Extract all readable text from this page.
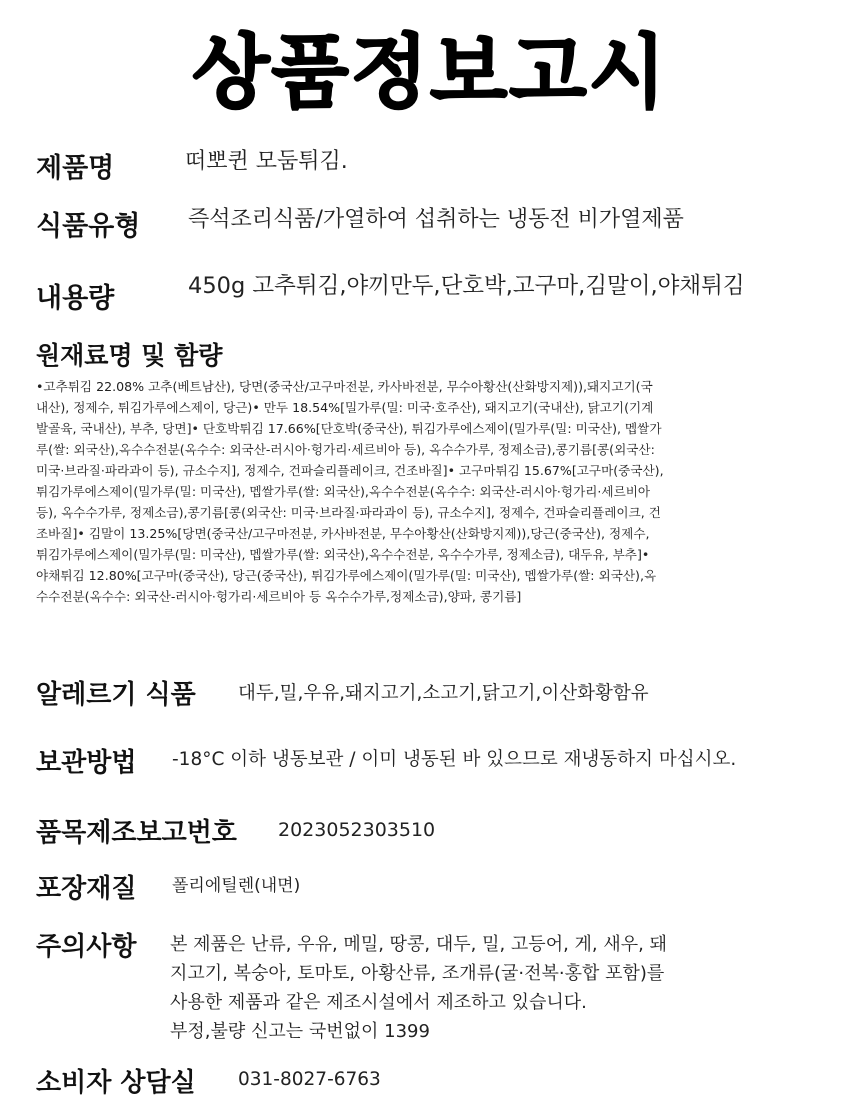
상품정보고시
제품명	떠뽀퀸 모둠튀김.
식품유형 즉석조리식품/가열하여 섭취하는 냉동전 비가열제품
내용량	450g 고추튀김,야끼만두,단호박,고구마,김말이,야채튀김
원재료명 및 함량
•고추튀김 22.08% 고추(베트남산), 당면(중국산/고구마전분, 카사바전분, 무수아황산(산화방지제)),돼지고기(국
내산), 정제수, 튀김가루에스제이, 당근)• 만두 18.54%[밀가루(밀: 미국·호주산), 돼지고기(국내산), 닭고기(기계
발골육, 국내산), 부추, 당면]• 단호박튀김 17.66%[단호박(중국산), 튀김가루에스제이(밀가루(밀: 미국산), 멥쌀가
루(쌀: 외국산),옥수수전분(옥수수: 외국산-러시아·헝가리·세르비아 등), 옥수수가루, 정제소금),콩기름[콩(외국산:
미국·브라질·파라과이 등), 규소수지], 정제수, 건파슬리플레이크, 건조바질]• 고구마튀김 15.67%[고구마(중국산),
튀김가루에스제이(밀가루(밀: 미국산), 멥쌀가루(쌀: 외국산),옥수수전분(옥수수: 외국산-러시아·헝가리·세르비아
등), 옥수수가루, 정제소금),콩기름[콩(외국산: 미국·브라질·파라과이 등), 규소수지], 정제수, 건파슬리플레이크, 건
조바질]• 김말이 13.25%[당면(중국산/고구마전분, 카사바전분, 무수아황산(산화방지제)),당근(중국산), 정제수,
튀김가루에스제이(밀가루(밀: 미국산), 멥쌀가루(쌀: 외국산),옥수수전분, 옥수수가루, 정제소금), 대두유, 부추]•
야채튀김 12.80%[고구마(중국산), 당근(중국산), 튀김가루에스제이(밀가루(밀: 미국산), 멥쌀가루(쌀: 외국산),옥
수수전분(옥수수: 외국산-러시아·헝가리·세르비아 등 옥수수가루,정제소금),양파, 콩기름]
알레르기 식품 대두,밀,우유,돼지고기,소고기,닭고기,이산화황함유
보관방법 -18°C 이하 냉동보관 / 이미 냉동된 바 있으므로 재냉동하지 마십시오.
품목제조보고번호 2023052303510
포장재질 폴리에틸렌(내면)
주의사항 본 제품은 난류, 우유, 메밀, 땅콩, 대두, 밀, 고등어, 게, 새우, 돼
지고기, 복숭아, 토마토, 아황산류, 조개류(굴·전복·홍합 포함)를
사용한 제품과 같은 제조시설에서 제조하고 있습니다.
부정,불량 신고는 국번없이 1399
소비자 상담실 031-8027-6763
